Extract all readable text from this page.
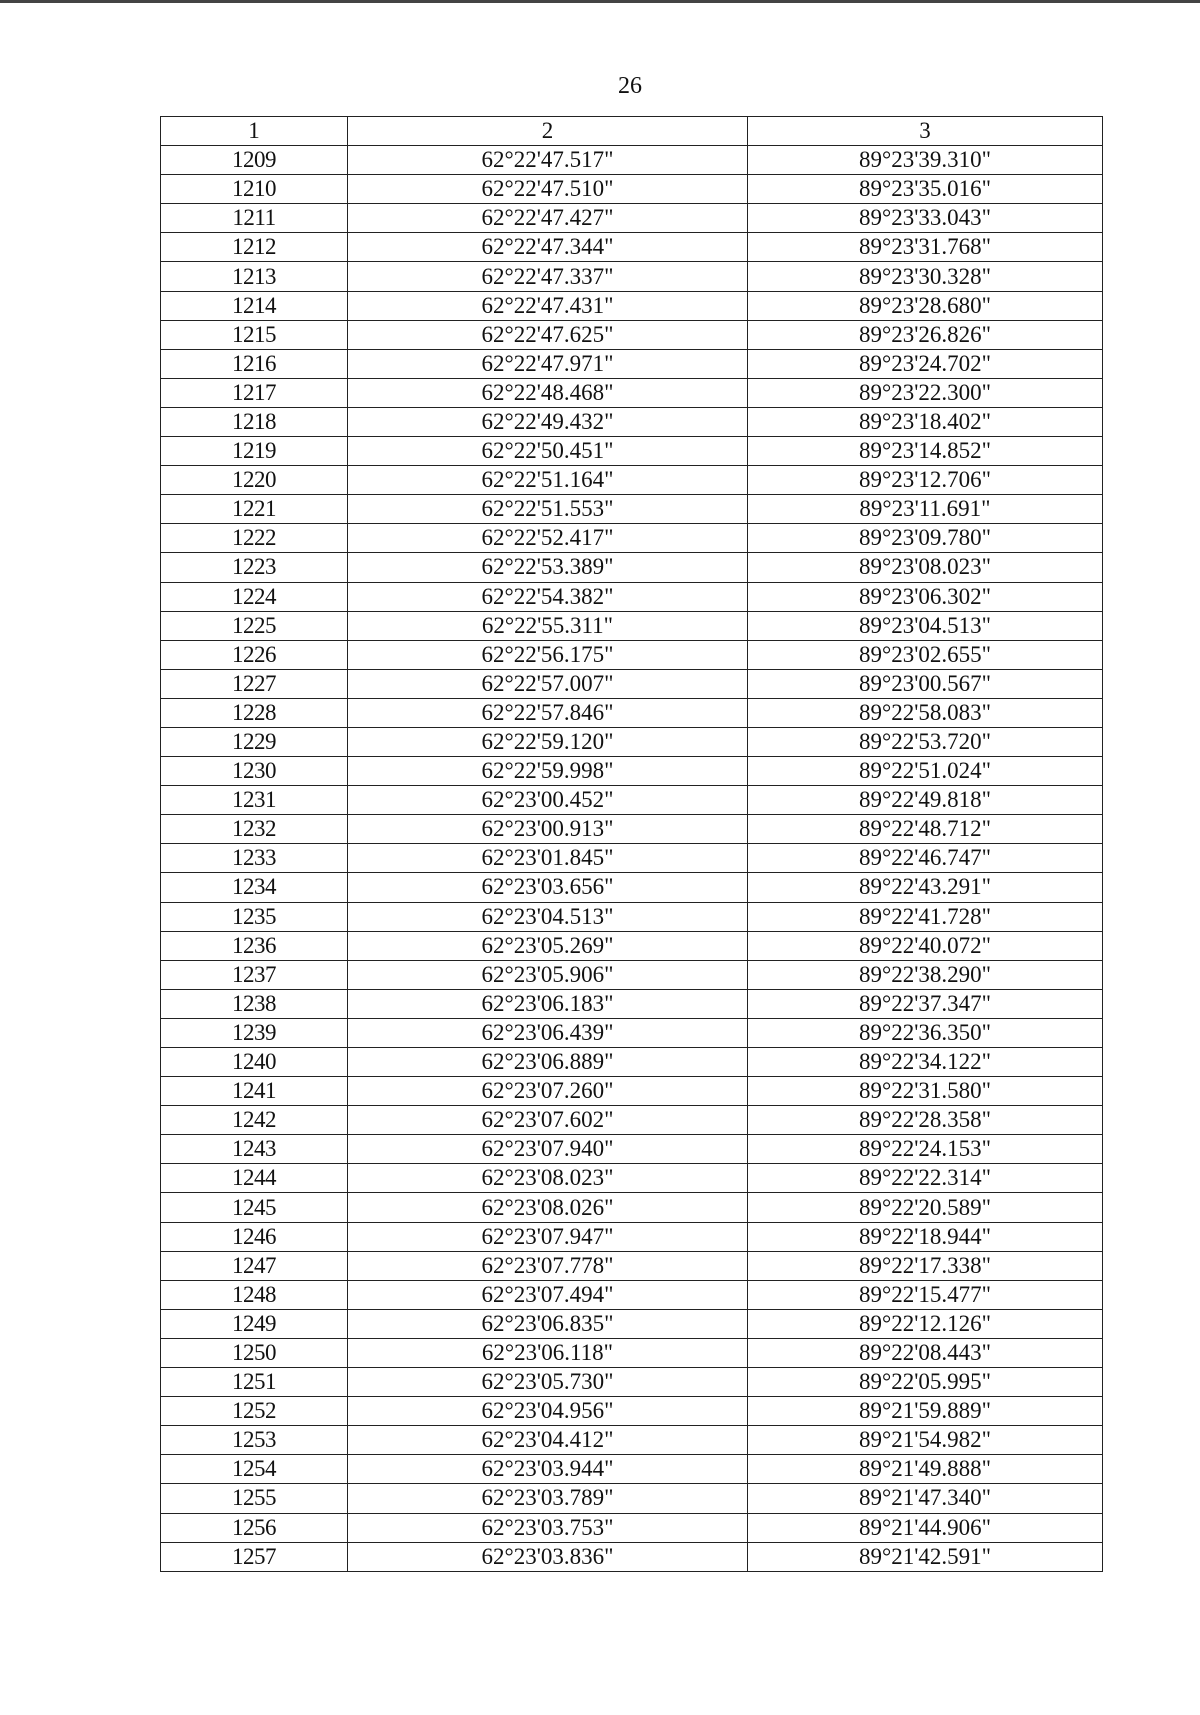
26
1	2	3
1209	62°22'47.517"	89°23'39.310"
1210	62°22'47.510"	89°23'35.016"
1211	62°22'47.427"	89°23'33.043"
1212	62°22'47.344"	89°23'31.768"
1213	62°22'47.337"	89°23'30.328"
1214	62°22'47.431"	89°23'28.680"
1215	62°22'47.625"	89°23'26.826"
1216	62°22'47.971"	89°23'24.702"
1217	62°22'48.468"	89°23'22.300"
1218	62°22'49.432"	89°23'18.402"
1219	62°22'50.451"	89°23'14.852"
1220	62°22'51.164"	89°23'12.706"
1221	62°22'51.553"	89°23'11.691"
1222	62°22'52.417"	89°23'09.780"
1223	62°22'53.389"	89°23'08.023"
1224	62°22'54.382"	89°23'06.302"
1225	62°22'55.311"	89°23'04.513"
1226	62°22'56.175"	89°23'02.655"
1227	62°22'57.007"	89°23'00.567"
1228	62°22'57.846"	89°22'58.083"
1229	62°22'59.120"	89°22'53.720"
1230	62°22'59.998"	89°22'51.024"
1231	62°23'00.452"	89°22'49.818"
1232	62°23'00.913"	89°22'48.712"
1233	62°23'01.845"	89°22'46.747"
1234	62°23'03.656"	89°22'43.291"
1235	62°23'04.513"	89°22'41.728"
1236	62°23'05.269"	89°22'40.072"
1237	62°23'05.906"	89°22'38.290"
1238	62°23'06.183"	89°22'37.347"
1239	62°23'06.439"	89°22'36.350"
1240	62°23'06.889"	89°22'34.122"
1241	62°23'07.260"	89°22'31.580"
1242	62°23'07.602"	89°22'28.358"
1243	62°23'07.940"	89°22'24.153"
1244	62°23'08.023"	89°22'22.314"
1245	62°23'08.026"	89°22'20.589"
1246	62°23'07.947"	89°22'18.944"
1247	62°23'07.778"	89°22'17.338"
1248	62°23'07.494"	89°22'15.477"
1249	62°23'06.835"	89°22'12.126"
1250	62°23'06.118"	89°22'08.443"
1251	62°23'05.730"	89°22'05.995"
1252	62°23'04.956"	89°21'59.889"
1253	62°23'04.412"	89°21'54.982"
1254	62°23'03.944"	89°21'49.888"
1255	62°23'03.789"	89°21'47.340"
1256	62°23'03.753"	89°21'44.906"
1257	62°23'03.836"	89°21'42.591"
